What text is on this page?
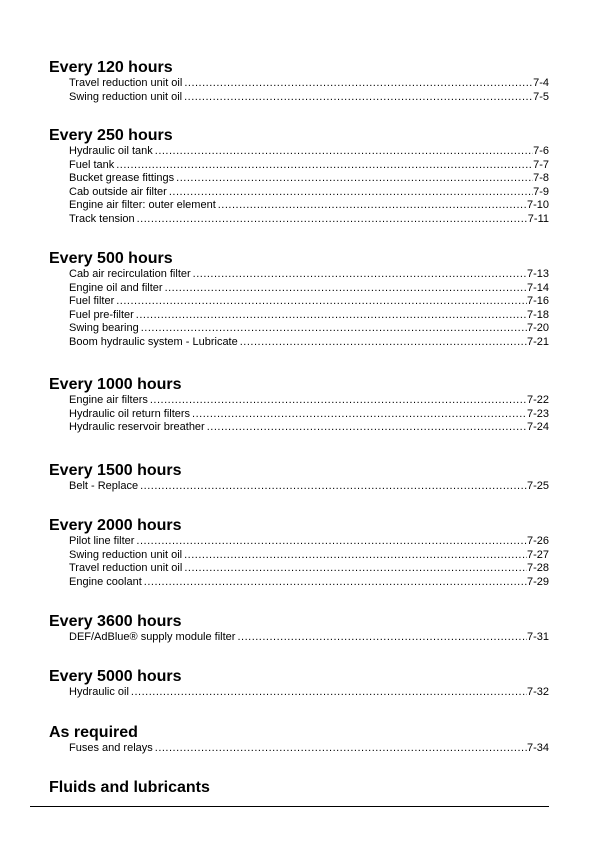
Every 120 hours
Travel reduction unit oil .....	7-4
Swing reduction unit oil .....	7-5
Every 250 hours
Hydraulic oil tank .....	7-6
Fuel tank .....	7-7
Bucket grease fittings .....	7-8
Cab outside air filter .....	7-9
Engine air filter: outer element .....	7-10
Track tension .....	7-11
Every 500 hours
Cab air recirculation filter .....	7-13
Engine oil and filter .....	7-14
Fuel filter .....	7-16
Fuel pre-filter .....	7-18
Swing bearing .....	7-20
Boom hydraulic system - Lubricate .....	7-21
Every 1000 hours
Engine air filters .....	7-22
Hydraulic oil return filters .....	7-23
Hydraulic reservoir breather .....	7-24
Every 1500 hours
Belt - Replace .....	7-25
Every 2000 hours
Pilot line filter .....	7-26
Swing reduction unit oil .....	7-27
Travel reduction unit oil .....	7-28
Engine coolant .....	7-29
Every 3600 hours
DEF/AdBlue® supply module filter .....	7-31
Every 5000 hours
Hydraulic oil .....	7-32
As required
Fuses and relays .....	7-34
Fluids and lubricants
